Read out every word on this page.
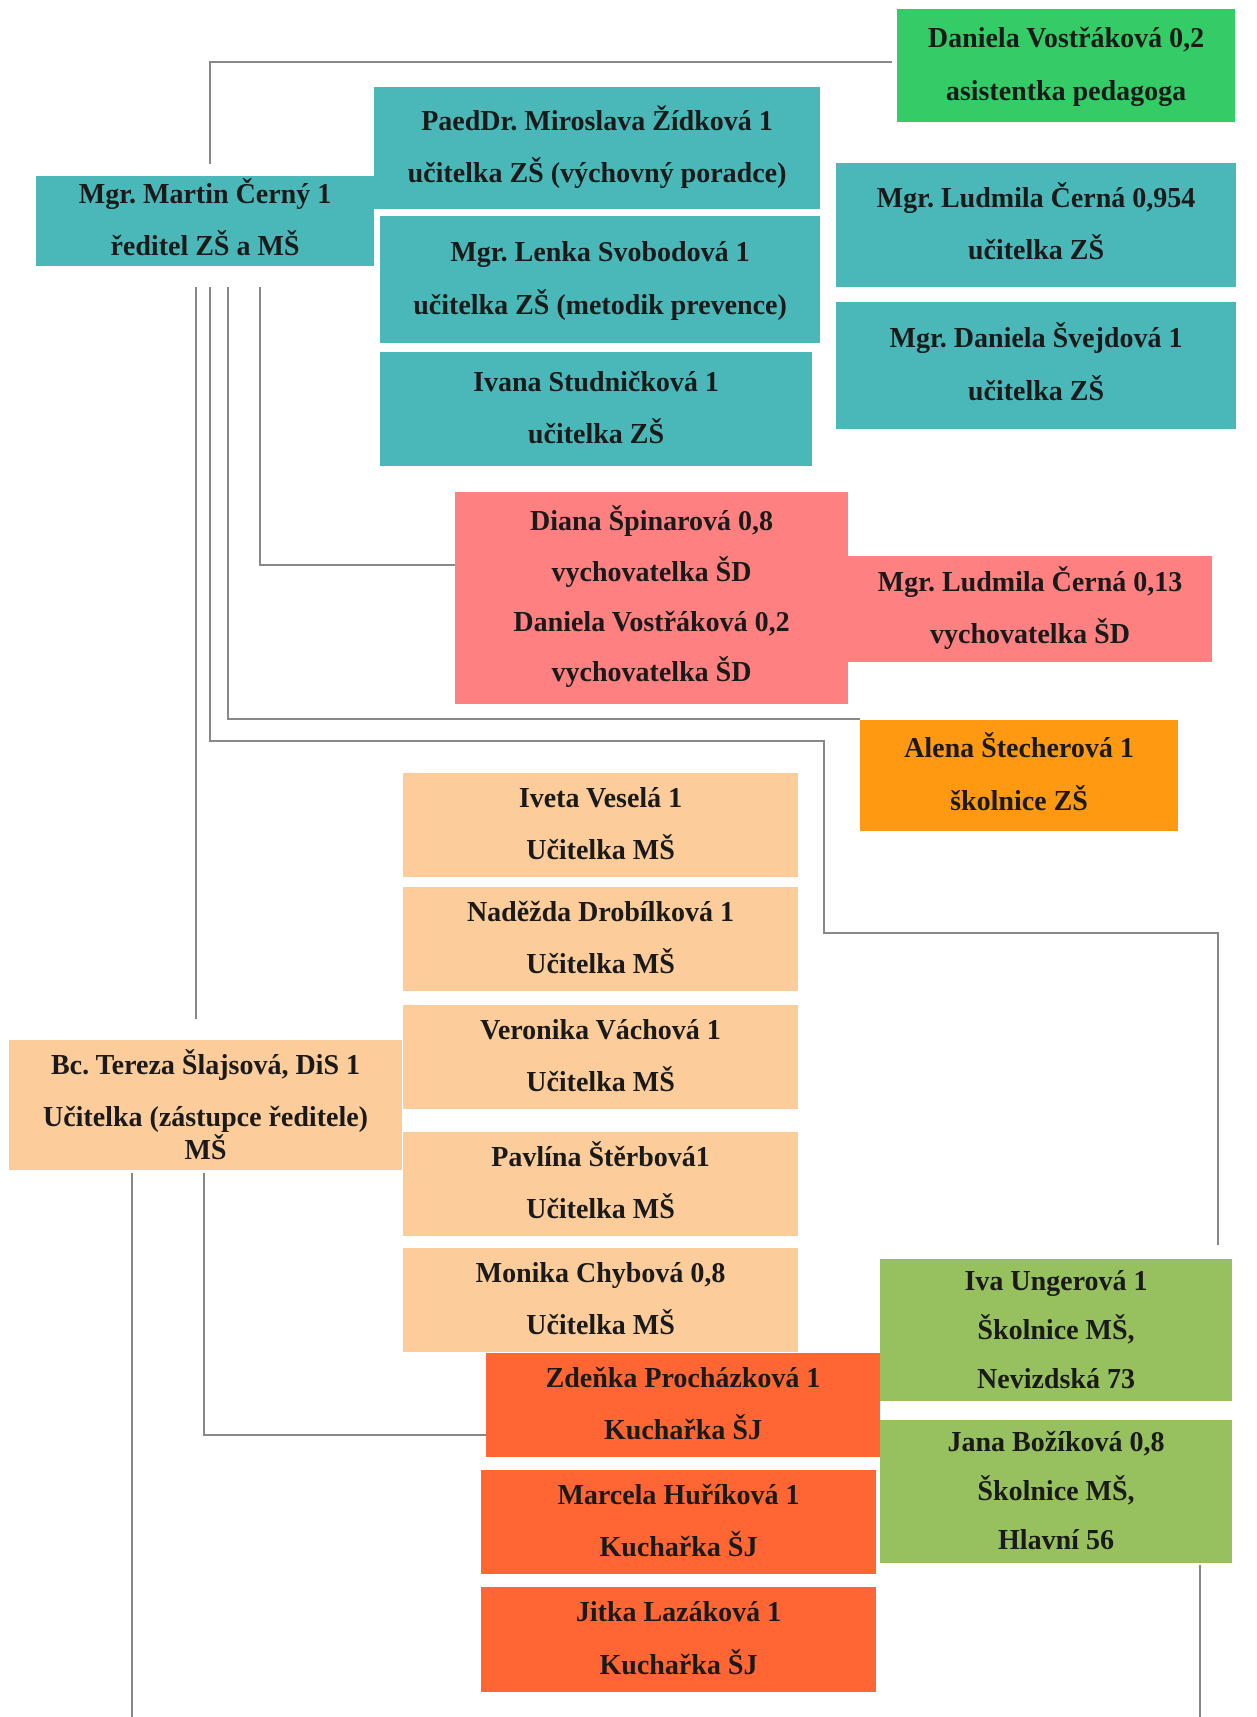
Daniela Vostřáková 0,2
asistentka pedagoga
PaedDr. Miroslava Žídková 1
učitelka ZŠ (výchovný poradce)
Mgr. Martin Černý 1
ředitel ZŠ a MŠ
Mgr. Ludmila Černá 0,954
učitelka ZŠ
Mgr. Lenka Svobodová 1
učitelka ZŠ (metodik prevence)
Mgr. Daniela Švejdová 1
učitelka ZŠ
Ivana Studničková 1
učitelka ZŠ
Diana Špinarová 0,8
vychovatelka ŠD
Daniela Vostřáková 0,2
vychovatelka ŠD
Mgr. Ludmila Černá 0,13
vychovatelka ŠD
Alena Štecherová 1
školnice ZŠ
Iveta Veselá 1
Učitelka MŠ
Naděžda Drobílková 1
Učitelka MŠ
Veronika Váchová 1
Učitelka MŠ
Pavlína Štěrbová1
Učitelka MŠ
Bc. Tereza Šlajsová, DiS 1
Učitelka (zástupce ředitele)
MŠ
Monika Chybová 0,8
Učitelka MŠ
Iva Ungerová 1
Školnice MŠ,
Nevizdská 73
Zdeňka Procházková 1
Kuchařka ŠJ	Jana Božíková 0,8
Školnice MŠ,
Hlavní 56
Marcela Huříková 1
Kuchařka ŠJ
Jitka Lazáková 1
Kuchařka ŠJ
